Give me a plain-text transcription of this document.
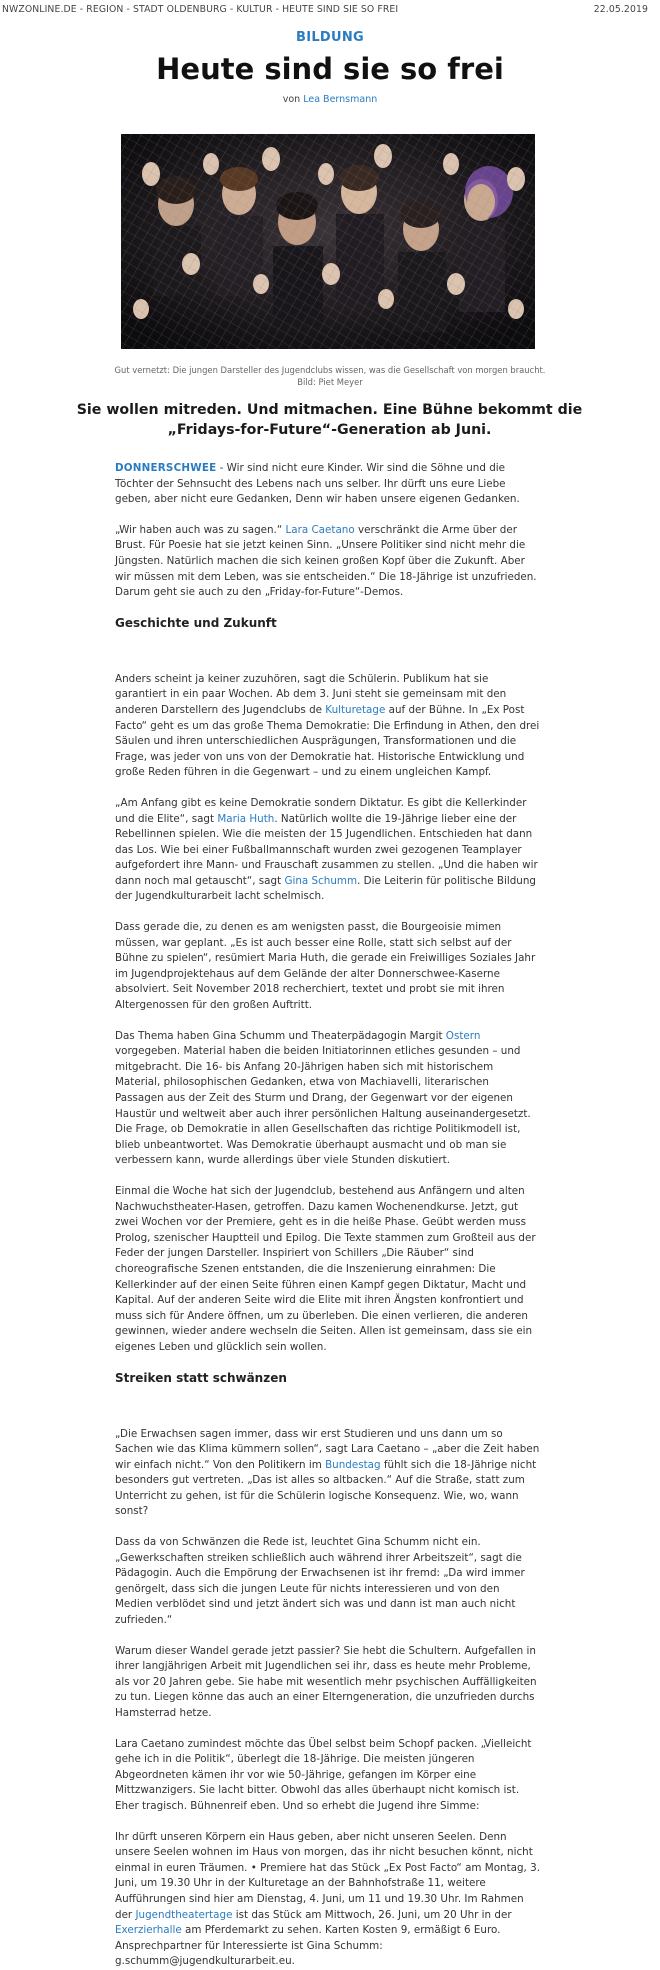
NWZONLINE.DE - REGION - STADT OLDENBURG - KULTUR - HEUTE SIND SIE SO FREI	22.05.2019
BILDUNG
Heute sind sie so frei
von Lea Bernsmann
Gut vernetzt: Die jungen Darsteller des Jugendclubs wissen, was die Gesellschaft von morgen braucht.
Bild: Piet Meyer
Sie wollen mitreden. Und mitmachen. Eine Bühne bekommt die „Fridays-for-Future“-Generation ab Juni.

DONNERSCHWEE - Wir sind nicht eure Kinder. Wir sind die Söhne und die Töchter der Sehnsucht des Lebens nach uns selber. Ihr dürft uns eure Liebe geben, aber nicht eure Gedanken, Denn wir haben unsere eigenen Gedanken.

„Wir haben auch was zu sagen.“ Lara Caetano verschränkt die Arme über der Brust. Für Poesie hat sie jetzt keinen Sinn. „Unsere Politiker sind nicht mehr die Jüngsten. Natürlich machen die sich keinen großen Kopf über die Zukunft. Aber wir müssen mit dem Leben, was sie entscheiden.“ Die 18-Jährige ist unzufrieden. Darum geht sie auch zu den „Friday-for-Future“-Demos.

Geschichte und Zukunft

Anders scheint ja keiner zuzuhören, sagt die Schülerin. Publikum hat sie garantiert in ein paar Wochen. Ab dem 3. Juni steht sie gemeinsam mit den anderen Darstellern des Jugendclubs de Kulturetage auf der Bühne. In „Ex Post Facto“ geht es um das große Thema Demokratie: Die Erfindung in Athen, den drei Säulen und ihren unterschiedlichen Ausprägungen, Transformationen und die Frage, was jeder von uns von der Demokratie hat. Historische Entwicklung und große Reden führen in die Gegenwart – und zu einem ungleichen Kampf.

„Am Anfang gibt es keine Demokratie sondern Diktatur. Es gibt die Kellerkinder und die Elite“, sagt Maria Huth. Natürlich wollte die 19-Jährige lieber eine der Rebellinnen spielen. Wie die meisten der 15 Jugendlichen. Entschieden hat dann das Los. Wie bei einer Fußballmannschaft wurden zwei gezogenen Teamplayer aufgefordert ihre Mann- und Frauschaft zusammen zu stellen. „Und die haben wir dann noch mal getauscht“, sagt Gina Schumm. Die Leiterin für politische Bildung der Jugendkulturarbeit lacht schelmisch.

Dass gerade die, zu denen es am wenigsten passt, die Bourgeoisie mimen müssen, war geplant. „Es ist auch besser eine Rolle, statt sich selbst auf der Bühne zu spielen“, resümiert Maria Huth, die gerade ein Freiwilliges Soziales Jahr im Jugendprojektehaus auf dem Gelände der alter Donnerschwee-Kaserne absolviert. Seit November 2018 recherchiert, textet und probt sie mit ihren Altergenossen für den großen Auftritt.

Das Thema haben Gina Schumm und Theaterpädagogin Margit Ostern vorgegeben. Material haben die beiden Initiatorinnen etliches gesunden – und mitgebracht. Die 16- bis Anfang 20-Jährigen haben sich mit historischem Material, philosophischen Gedanken, etwa von Machiavelli, literarischen Passagen aus der Zeit des Sturm und Drang, der Gegenwart vor der eigenen Haustür und weltweit aber auch ihrer persönlichen Haltung auseinandergesetzt. Die Frage, ob Demokratie in allen Gesellschaften das richtige Politikmodell ist, blieb unbeantwortet. Was Demokratie überhaupt ausmacht und ob man sie verbessern kann, wurde allerdings über viele Stunden diskutiert.

Einmal die Woche hat sich der Jugendclub, bestehend aus Anfängern und alten Nachwuchstheater-Hasen, getroffen. Dazu kamen Wochenendkurse. Jetzt, gut zwei Wochen vor der Premiere, geht es in die heiße Phase. Geübt werden muss Prolog, szenischer Hauptteil und Epilog. Die Texte stammen zum Großteil aus der Feder der jungen Darsteller. Inspiriert von Schillers „Die Räuber“ sind choreografische Szenen entstanden, die die Inszenierung einrahmen: Die Kellerkinder auf der einen Seite führen einen Kampf gegen Diktatur, Macht und Kapital. Auf der anderen Seite wird die Elite mit ihren Ängsten konfrontiert und muss sich für Andere öffnen, um zu überleben. Die einen verlieren, die anderen gewinnen, wieder andere wechseln die Seiten. Allen ist gemeinsam, dass sie ein eigenes Leben und glücklich sein wollen.

Streiken statt schwänzen

„Die Erwachsen sagen immer, dass wir erst Studieren und uns dann um so Sachen wie das Klima kümmern sollen“, sagt Lara Caetano – „aber die Zeit haben wir einfach nicht.“ Von den Politikern im Bundestag fühlt sich die 18-Jährige nicht besonders gut vertreten. „Das ist alles so altbacken.“ Auf die Straße, statt zum Unterricht zu gehen, ist für die Schülerin logische Konsequenz. Wie, wo, wann sonst?

Dass da von Schwänzen die Rede ist, leuchtet Gina Schumm nicht ein. „Gewerkschaften streiken schließlich auch während ihrer Arbeitszeit“, sagt die Pädagogin. Auch die Empörung der Erwachsenen ist ihr fremd: „Da wird immer genörgelt, dass sich die jungen Leute für nichts interessieren und von den Medien verblödet sind und jetzt ändert sich was und dann ist man auch nicht zufrieden.“

Warum dieser Wandel gerade jetzt passier? Sie hebt die Schultern. Aufgefallen in ihrer langjährigen Arbeit mit Jugendlichen sei ihr, dass es heute mehr Probleme, als vor 20 Jahren gebe. Sie habe mit wesentlich mehr psychischen Auffälligkeiten zu tun. Liegen könne das auch an einer Elterngeneration, die unzufrieden durchs Hamsterrad hetze.

Lara Caetano zumindest möchte das Übel selbst beim Schopf packen. „Vielleicht gehe ich in die Politik“, überlegt die 18-Jährige. Die meisten jüngeren Abgeordneten kämen ihr vor wie 50-Jährige, gefangen im Körper eine Mittzwanzigers. Sie lacht bitter. Obwohl das alles überhaupt nicht komisch ist. Eher tragisch. Bühnenreif eben. Und so erhebt die Jugend ihre Simme:

Ihr dürft unseren Körpern ein Haus geben, aber nicht unseren Seelen. Denn unsere Seelen wohnen im Haus von morgen, das ihr nicht besuchen könnt, nicht einmal in euren Träumen. • Premiere hat das Stück „Ex Post Facto“ am Montag, 3. Juni, um 19.30 Uhr in der Kulturetage an der Bahnhofstraße 11, weitere Aufführungen sind hier am Dienstag, 4. Juni, um 11 und 19.30 Uhr. Im Rahmen der Jugendtheatertage ist das Stück am Mittwoch, 26. Juni, um 20 Uhr in der Exerzierhalle am Pferdemarkt zu sehen. Karten Kosten 9, ermäßigt 6 Euro. Ansprechpartner für Interessierte ist Gina Schumm: g.schumm@jugendkulturarbeit.eu.
